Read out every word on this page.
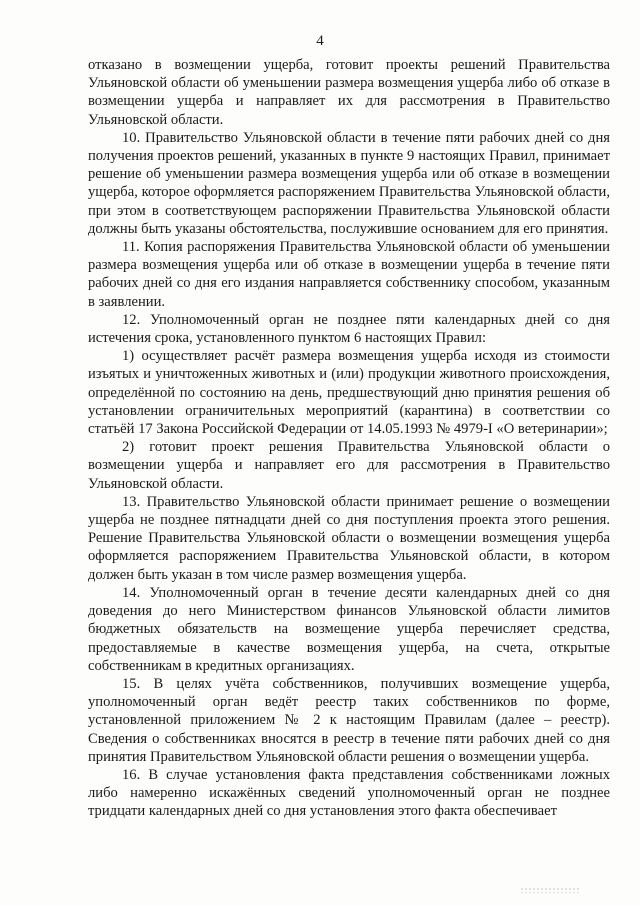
4

отказано в возмещении ущерба, готовит проекты решений Правительства Ульяновской области об уменьшении размера возмещения ущерба либо об отказе в возмещении ущерба и направляет их для рассмотрения в Правительство Ульяновской области.

10. Правительство Ульяновской области в течение пяти рабочих дней со дня получения проектов решений, указанных в пункте 9 настоящих Правил, принимает решение об уменьшении размера возмещения ущерба или об отказе в возмещении ущерба, которое оформляется распоряжением Правительства Ульяновской области, при этом в соответствующем распоряжении Правительства Ульяновской области должны быть указаны обстоятельства, послужившие основанием для его принятия.

11. Копия распоряжения Правительства Ульяновской области об уменьшении размера возмещения ущерба или об отказе в возмещении ущерба в течение пяти рабочих дней со дня его издания направляется собственнику способом, указанным в заявлении.

12. Уполномоченный орган не позднее пяти календарных дней со дня истечения срока, установленного пунктом 6 настоящих Правил:

1) осуществляет расчёт размера возмещения ущерба исходя из стоимости изъятых и уничтоженных животных и (или) продукции животного происхождения, определённой по состоянию на день, предшествующий дню принятия решения об установлении ограничительных мероприятий (карантина) в соответствии со статьёй 17 Закона Российской Федерации от 14.05.1993 № 4979-I «О ветеринарии»;

2) готовит проект решения Правительства Ульяновской области о возмещении ущерба и направляет его для рассмотрения в Правительство Ульяновской области.

13. Правительство Ульяновской области принимает решение о возмещении ущерба не позднее пятнадцати дней со дня поступления проекта этого решения. Решение Правительства Ульяновской области о возмещении возмещения ущерба оформляется распоряжением Правительства Ульяновской области, в котором должен быть указан в том числе размер возмещения ущерба.

14. Уполномоченный орган в течение десяти календарных дней со дня доведения до него Министерством финансов Ульяновской области лимитов бюджетных обязательств на возмещение ущерба перечисляет средства, предоставляемые в качестве возмещения ущерба, на счета, открытые собственникам в кредитных организациях.

15. В целях учёта собственников, получивших возмещение ущерба, уполномоченный орган ведёт реестр таких собственников по форме, установленной приложением № 2 к настоящим Правилам (далее – реестр). Сведения о собственниках вносятся в реестр в течение пяти рабочих дней со дня принятия Правительством Ульяновской области решения о возмещении ущерба.

16. В случае установления факта представления собственниками ложных либо намеренно искажённых сведений уполномоченный орган не позднее тридцати календарных дней со дня установления этого факта обеспечивает
